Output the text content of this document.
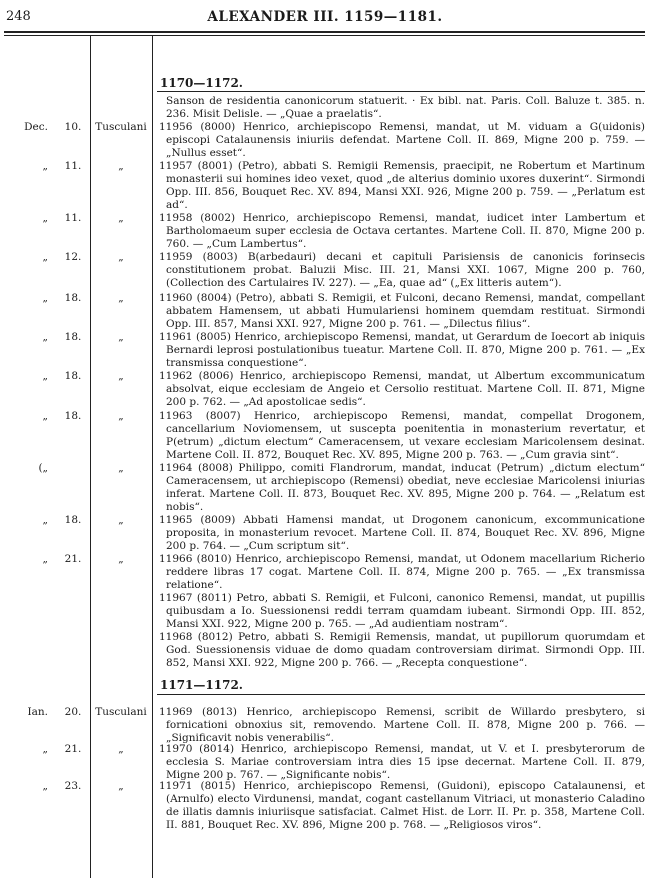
248	ALEXANDER III. 1159—1181.
1170—1172.
Sanson de residentia canonicorum statuerit. · Ex bibl. nat. Paris. Coll. Baluze t. 385. n. 236. Misit Delisle. — „Quae a praelatis“.
Dec. 10.	Tusculani	11956 (8000) Henrico, archiepiscopo Remensi, mandat, ut M. viduam a G(uidonis) episcopi Catalaunensis iniuriis defendat. Martene Coll. II. 869, Migne 200 p. 759. — „Nullus esset“.
„ 11.	„	11957 (8001) (Petro), abbati S. Remigii Remensis, praecipit, ne Robertum et Martinum monasterii sui homines ideo vexet, quod „de alterius dominio uxores duxerint“. Sirmondi Opp. III. 856, Bouquet Rec. XV. 894, Mansi XXI. 926, Migne 200 p. 759. — „Perlatum est ad“.
„ 11.	„	11958 (8002) Henrico, archiepiscopo Remensi, mandat, iudicet inter Lambertum et Bartholomaeum super ecclesia de Octava certantes. Martene Coll. II. 870, Migne 200 p. 760. — „Cum Lambertus“.
„ 12.	„	11959 (8003) B(arbedauri) decani et capituli Parisiensis de canonicis forinsecis constitutionem probat. Baluzii Misc. III. 21, Mansi XXI. 1067, Migne 200 p. 760, (Collection des Cartulaires IV. 227). — „Ea, quae ad“ („Ex litteris autem“).
„ 18.	„	11960 (8004) (Petro), abbati S. Remigii, et Fulconi, decano Remensi, mandat, compellant abbatem Hamensem, ut abbati Humulariensi hominem quemdam restituat. Sirmondi Opp. III. 857, Mansi XXI. 927, Migne 200 p. 761. — „Dilectus filius“.
„ 18.	„	11961 (8005) Henrico, archiepiscopo Remensi, mandat, ut Gerardum de Ioecort ab iniquis Bernardi leprosi postulationibus tueatur. Martene Coll. II. 870, Migne 200 p. 761. — „Ex transmissa conquestione“.
„ 18.	„	11962 (8006) Henrico, archiepiscopo Remensi, mandat, ut Albertum excommunicatum absolvat, eique ecclesiam de Angeio et Cersolio restituat. Martene Coll. II. 871, Migne 200 p. 762. — „Ad apostolicae sedis“.
„ 18.	„	11963 (8007) Henrico, archiepiscopo Remensi, mandat, compellat Drogonem, cancellarium Noviomensem, ut suscepta poenitentia in monasterium revertatur, et P(etrum) „dictum electum“ Cameracensem, ut vexare ecclesiam Maricolensem desinat. Martene Coll. II. 872, Bouquet Rec. XV. 895, Migne 200 p. 763. — „Cum gravia sint“.
(„	„	11964 (8008) Philippo, comiti Flandrorum, mandat, inducat (Petrum) „dictum electum“ Cameracensem, ut archiepiscopo (Remensi) obediat, neve ecclesiae Maricolensi iniurias inferat. Martene Coll. II. 873, Bouquet Rec. XV. 895, Migne 200 p. 764. — „Relatum est nobis“.
„ 18.	„	11965 (8009) Abbati Hamensi mandat, ut Drogonem canonicum, excommunicatione proposita, in monasterium revocet. Martene Coll. II. 874, Bouquet Rec. XV. 896, Migne 200 p. 764. — „Cum scriptum sit“.
„ 21.	„	11966 (8010) Henrico, archiepiscopo Remensi, mandat, ut Odonem macellarium Richerio reddere libras 17 cogat. Martene Coll. II. 874, Migne 200 p. 765. — „Ex transmissa relatione“.
11967 (8011) Petro, abbati S. Remigii, et Fulconi, canonico Remensi, mandat, ut pupillis quibusdam a Io. Suessionensi reddi terram quamdam iubeant. Sirmondi Opp. III. 852, Mansi XXI. 922, Migne 200 p. 765. — „Ad audientiam nostram“.
11968 (8012) Petro, abbati S. Remigii Remensis, mandat, ut pupillorum quorumdam et God. Suessionensis viduae de domo quadam controversiam dirimat. Sirmondi Opp. III. 852, Mansi XXI. 922, Migne 200 p. 766. — „Recepta conquestione“.
1171—1172.
Ian. 20.	Tusculani	11969 (8013) Henrico, archiepiscopo Remensi, scribit de Willardo presbytero, si fornicationi obnoxius sit, removendo. Martene Coll. II. 878, Migne 200 p. 766. — „Significavit nobis venerabilis“.
„ 21.	„	11970 (8014) Henrico, archiepiscopo Remensi, mandat, ut V. et I. presbyterorum de ecclesia S. Mariae controversiam intra dies 15 ipse decernat. Martene Coll. II. 879, Migne 200 p. 767. — „Significante nobis“.
„ 23.	„	11971 (8015) Henrico, archiepiscopo Remensi, (Guidoni), episcopo Catalaunensi, et (Arnulfo) electo Virdunensi, mandat, cogant castellanum Vitriaci, ut monasterio Caladino de illatis damnis iniuriisque satisfaciat. Calmet Hist. de Lorr. II. Pr. p. 358, Martene Coll. II. 881, Bouquet Rec. XV. 896, Migne 200 p. 768. — „Religiosos viros“.
